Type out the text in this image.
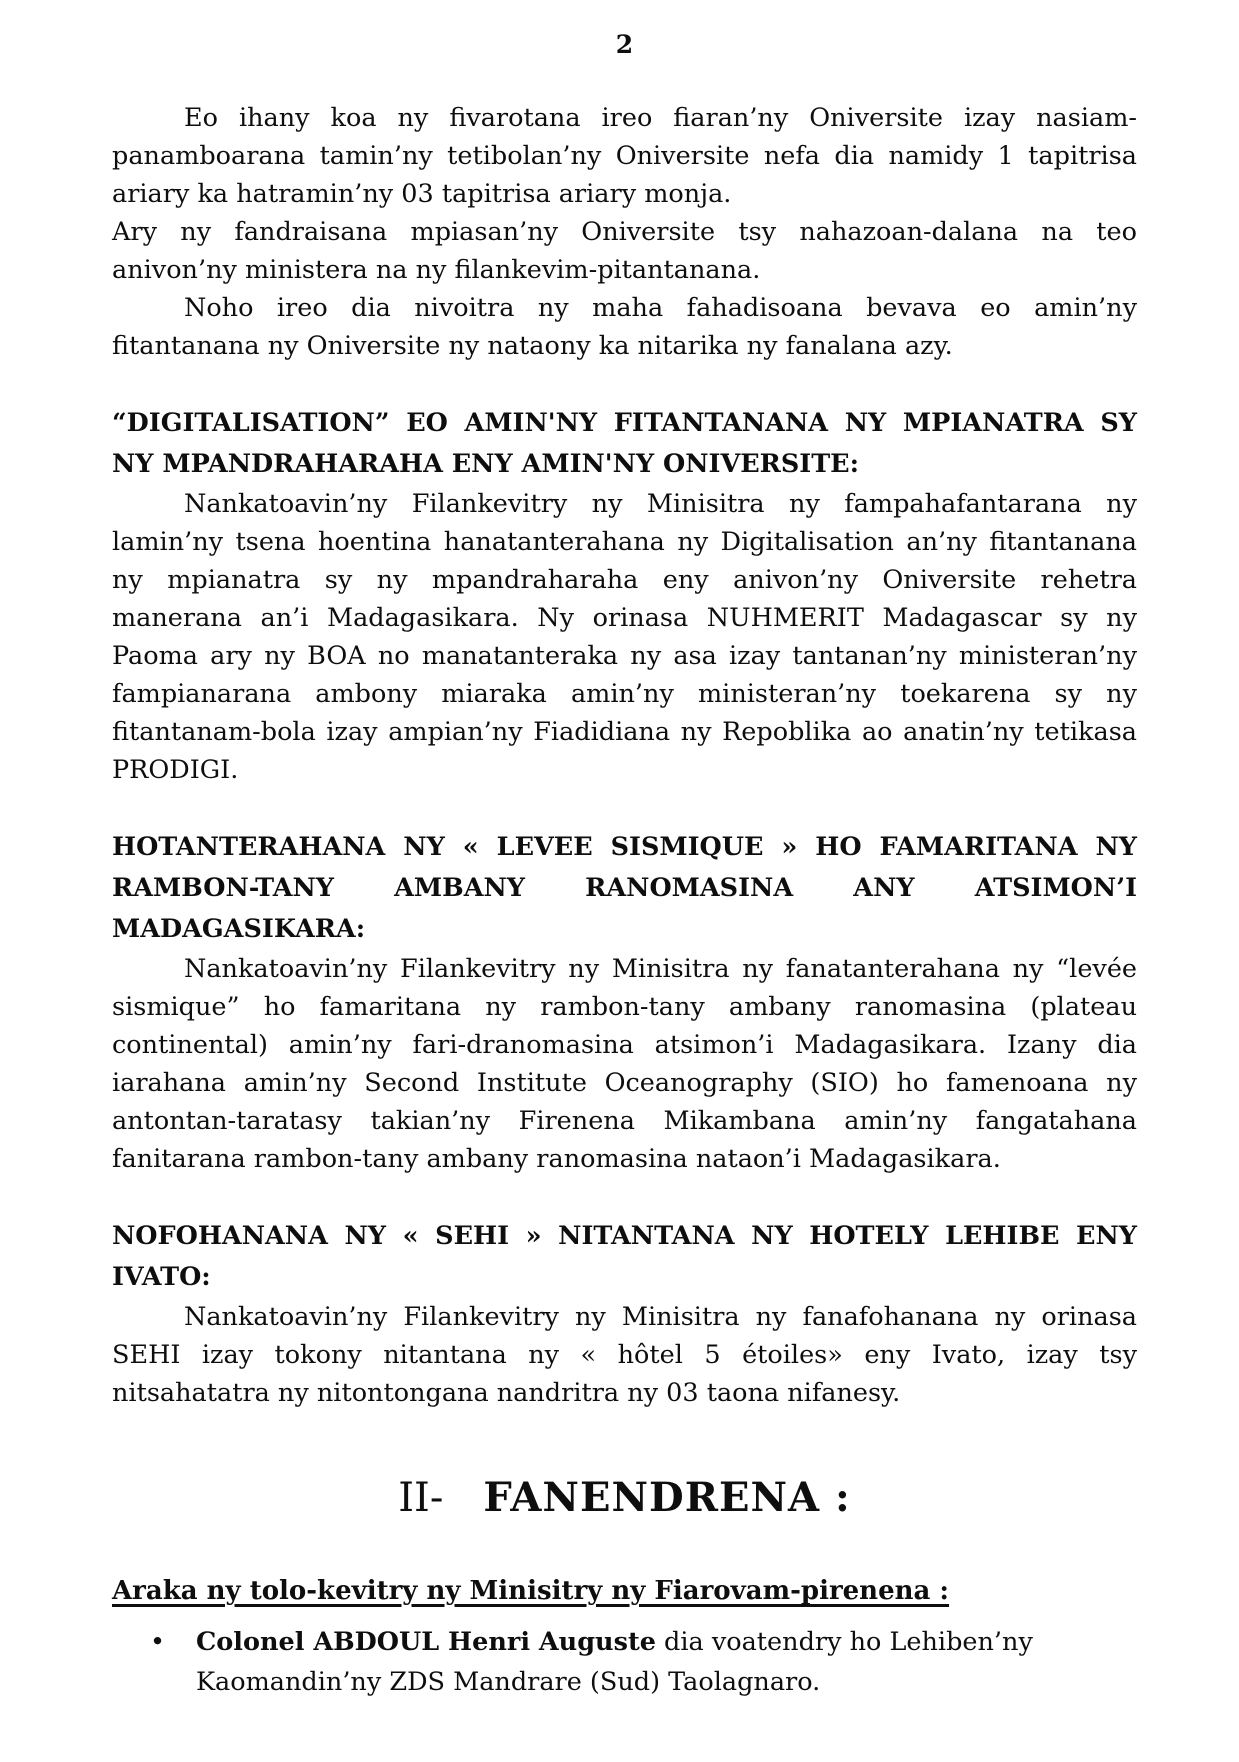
2

Eo ihany koa ny fivarotana ireo fiaran’ny Oniversite izay nasiam-panamboarana tamin’ny tetibolan’ny Oniversite nefa dia namidy 1 tapitrisa ariary ka hatramin’ny 03 tapitrisa ariary monja.

Ary ny fandraisana mpiasan’ny Oniversite tsy nahazoan-dalana na teo anivon’ny ministera na ny filankevim-pitantanana.

Noho ireo dia nivoitra ny maha fahadisoana bevava eo amin’ny fitantanana ny Oniversite ny nataony ka nitarika ny fanalana azy.

“DIGITALISATION” EO AMIN'NY FITANTANANA NY MPIANATRA SY NY MPANDRAHARAHA ENY AMIN'NY ONIVERSITE:

Nankatoavin’ny Filankevitry ny Minisitra ny fampahafantarana ny lamin’ny tsena hoentina hanatanterahana ny Digitalisation an’ny fitantanana ny mpianatra sy ny mpandraharaha eny anivon’ny Oniversite rehetra manerana an’i Madagasikara. Ny orinasa NUHMERIT Madagascar sy ny Paoma ary ny BOA no manatanteraka ny asa izay tantanan’ny ministeran’ny fampianarana ambony miaraka amin’ny ministeran’ny toekarena sy ny fitantanam-bola izay ampian’ny Fiadidiana ny Repoblika ao anatin’ny tetikasa PRODIGI.

HOTANTERAHANA NY « LEVEE SISMIQUE » HO FAMARITANA NY RAMBON-TANY AMBANY RANOMASINA ANY ATSIMON’I MADAGASIKARA:

Nankatoavin’ny Filankevitry ny Minisitra ny fanatanterahana ny “levée sismique” ho famaritana ny rambon-tany ambany ranomasina (plateau continental) amin’ny fari-dranomasina atsimon’i Madagasikara. Izany dia iarahana amin’ny Second Institute Oceanography (SIO) ho famenoana ny antontan-taratasy takian’ny Firenena Mikambana amin’ny fangatahana fanitarana rambon-tany ambany ranomasina nataon’i Madagasikara.

NOFOHANANA NY « SEHI » NITANTANA NY HOTELY LEHIBE ENY IVATO:

Nankatoavin’ny Filankevitry ny Minisitra ny fanafohanana ny orinasa SEHI izay tokony nitantana ny « hôtel 5 étoiles» eny Ivato, izay tsy nitsahatatra ny nitontongana nandritra ny 03 taona nifanesy.

II- FANENDRENA :

Araka ny tolo-kevitry ny Minisitry ny Fiarovam-pirenena :

•	Colonel ABDOUL Henri Auguste dia voatendry ho Lehiben’ny Kaomandin’ny ZDS Mandrare (Sud) Taolagnaro.
